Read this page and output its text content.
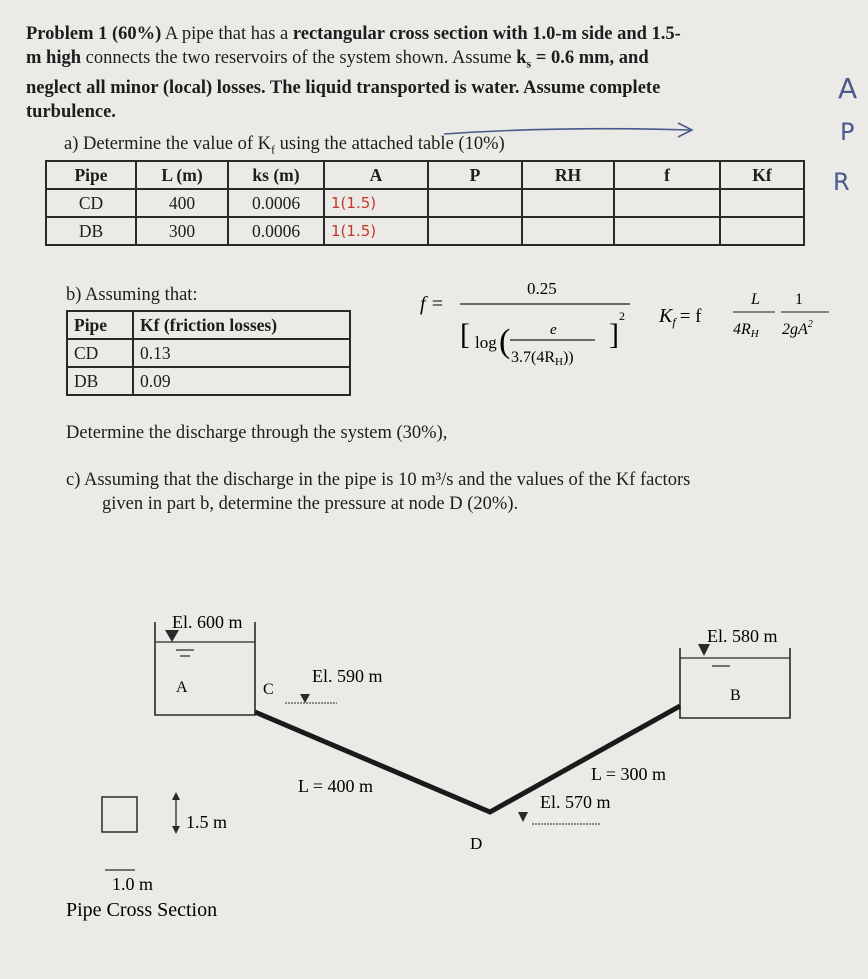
Problem 1 (60%) A pipe that has a rectangular cross section with 1.0-m side and 1.5-
m high connects the two reservoirs of the system shown. Assume $k_s = 0.6$ mm, and
neglect all minor (local) losses. The liquid transported is water. Assume complete
turbulence.
A
P
R
a) Determine the value of $K_f$ using the attached table (10%)
Pipe	L (m)	ks (m)	A	P	RH	f	Kf
CD	400	0.0006	1(1.5)				
DB	300	0.0006	1(1.5)				
b) Assuming that:
Pipe	Kf (friction losses)
CD	0.13
DB	0.09
f =
0.25
[ log (	e
3.7(4RH))
]
2 $K_f = f$
L
4RH
1
$2gA^2$
Determine the discharge through the system (30%),
c) Assuming that the discharge in the pipe is 10 m³/s and the values of the Kf factors
given in part b, determine the pressure at node D (20%).
El. 600 m
A	C
El. 580 m
B
El. 590 m
L = 400 m
L = 300 m
El. 570 m
D
1.5 m
1.0 m
Pipe Cross Section
